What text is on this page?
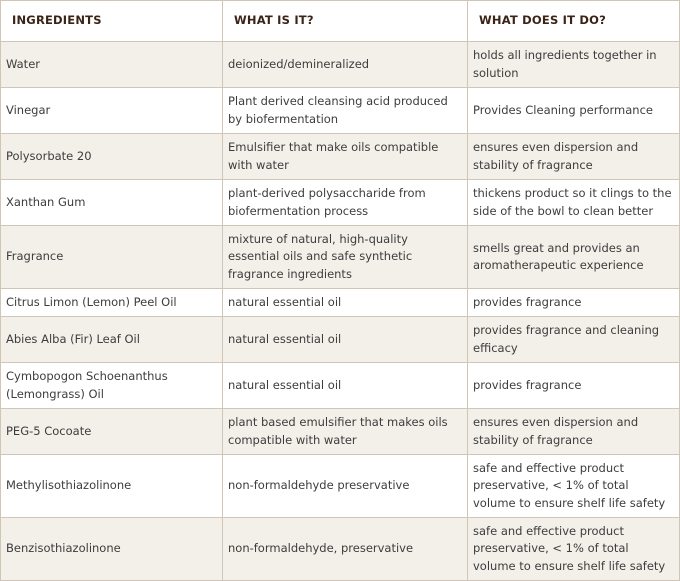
INGREDIENTS	WHAT IS IT?	WHAT DOES IT DO?
Water	deionized/demineralized	holds all ingredients together in solution
Vinegar	Plant derived cleansing acid produced by biofermentation	Provides Cleaning performance
Polysorbate 20	Emulsifier that make oils compatible with water	ensures even dispersion and stability of fragrance
Xanthan Gum	plant-derived polysaccharide from biofermentation process	thickens product so it clings to the side of the bowl to clean better
Fragrance	mixture of natural, high-quality essential oils and safe synthetic fragrance ingredients	smells great and provides an aromatherapeutic experience
Citrus Limon (Lemon) Peel Oil	natural essential oil	provides fragrance
Abies Alba (Fir) Leaf Oil	natural essential oil	provides fragrance and cleaning efficacy
Cymbopogon Schoenanthus (Lemongrass) Oil	natural essential oil	provides fragrance
PEG-5 Cocoate	plant based emulsifier that makes oils compatible with water	ensures even dispersion and stability of fragrance
Methylisothiazolinone	non-formaldehyde preservative	safe and effective product preservative, < 1% of total volume to ensure shelf life safety
Benzisothiazolinone	non-formaldehyde, preservative	safe and effective product preservative, < 1% of total volume to ensure shelf life safety
